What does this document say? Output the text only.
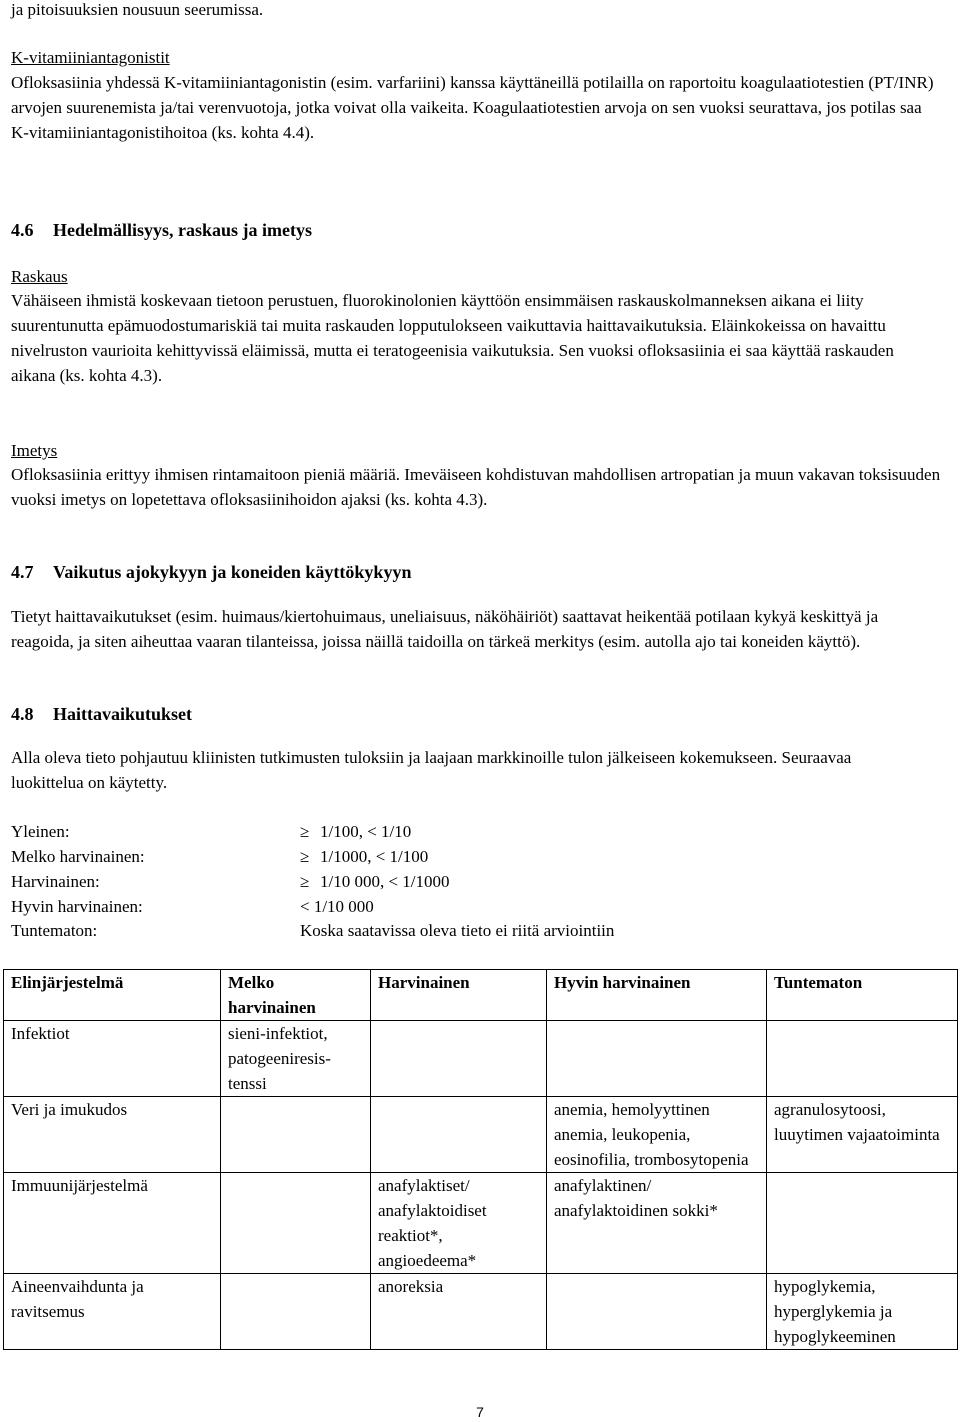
ja pitoisuuksien nousuun seerumissa.

K-vitamiiniantagonistit

Ofloksasiinia yhdessä K-vitamiiniantagonistin (esim. varfariini) kanssa käyttäneillä potilailla on raportoitu koagulaatiotestien (PT/INR) arvojen suurenemista ja/tai verenvuotoja, jotka voivat olla vaikeita. Koagulaatiotestien arvoja on sen vuoksi seurattava, jos potilas saa K-vitamiiniantagonistihoitoa (ks. kohta 4.4).

4.6 Hedelmällisyys, raskaus ja imetys

Raskaus

Vähäiseen ihmistä koskevaan tietoon perustuen, fluorokinolonien käyttöön ensimmäisen raskauskolmanneksen aikana ei liity suurentunutta epämuodostumariskiä tai muita raskauden lopputulokseen vaikuttavia haittavaikutuksia. Eläinkokeissa on havaittu nivelruston vaurioita kehittyvissä eläimissä, mutta ei teratogeenisia vaikutuksia. Sen vuoksi ofloksasiinia ei saa käyttää raskauden aikana (ks. kohta 4.3).

Imetys

Ofloksasiinia erittyy ihmisen rintamaitoon pieniä määriä. Imeväiseen kohdistuvan mahdollisen artropatian ja muun vakavan toksisuuden vuoksi imetys on lopetettava ofloksasiinihoidon ajaksi (ks. kohta 4.3).

4.7 Vaikutus ajokykyyn ja koneiden käyttökykyyn

Tietyt haittavaikutukset (esim. huimaus/kiertohuimaus, uneliaisuus, näköhäiriöt) saattavat heikentää potilaan kykyä keskittyä ja reagoida, ja siten aiheuttaa vaaran tilanteissa, joissa näillä taidoilla on tärkeä merkitys (esim. autolla ajo tai koneiden käyttö).

4.8 Haittavaikutukset

Alla oleva tieto pohjautuu kliinisten tutkimusten tuloksiin ja laajaan markkinoille tulon jälkeiseen kokemukseen. Seuraavaa luokittelua on käytetty.

Yleinen:	≥ 1/100, < 1/10
Melko harvinainen:	≥ 1/1000, < 1/100
Harvinainen:	≥ 1/10 000, < 1/1000
Hyvin harvinainen:	< 1/10 000
Tuntematon:	Koska saatavissa oleva tieto ei riitä arviointiin
Elinjärjestelmä	Melko harvinainen	Harvinainen	Hyvin harvinainen	Tuntematon
Infektiot	sieni-infektiot, patogeeniresis-
tenssi			
Veri ja imukudos			anemia, hemolyyttinen anemia, leukopenia, eosinofilia, trombosytopenia	agranulosytoosi, luuytimen vajaatoiminta
Immuunijärjestelmä		anafylaktiset/ anafylaktoidiset reaktiot*, angioedeema*	anafylaktinen/ anafylaktoidinen sokki*	
Aineenvaihdunta ja ravitsemus		anoreksia		hypoglykemia, hyperglykemia ja hypoglykeeminen
7
